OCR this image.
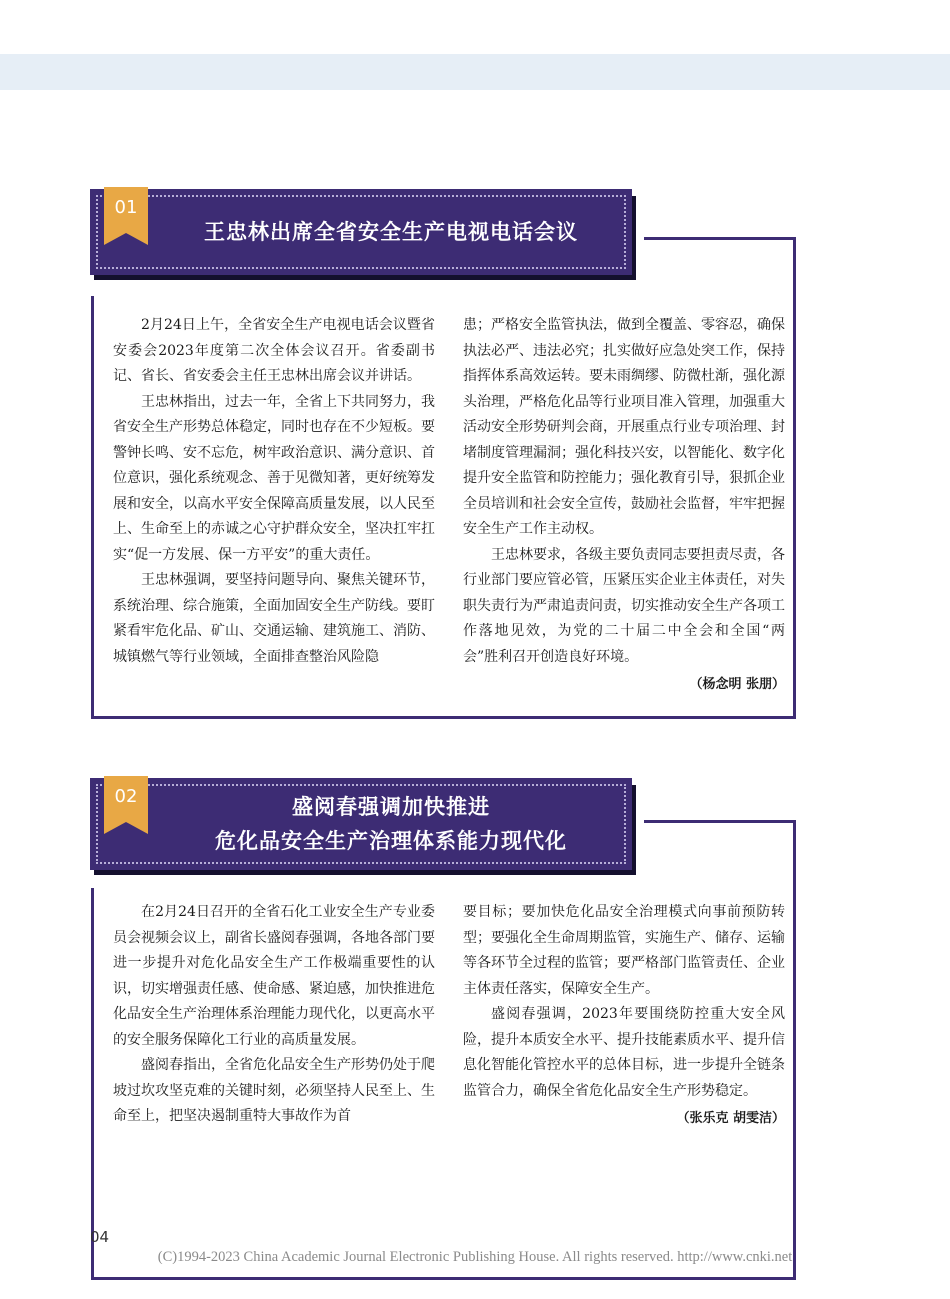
01
王忠林出席全省安全生产电视电话会议

2月24日上午，全省安全生产电视电话会议暨省安委会2023年度第二次全体会议召开。省委副书记、省长、省安委会主任王忠林出席会议并讲话。

王忠林指出，过去一年，全省上下共同努力，我省安全生产形势总体稳定，同时也存在不少短板。要警钟长鸣、安不忘危，树牢政治意识、满分意识、首位意识，强化系统观念、善于见微知著，更好统筹发展和安全，以高水平安全保障高质量发展，以人民至上、生命至上的赤诚之心守护群众安全，坚决扛牢扛实“促一方发展、保一方平安”的重大责任。

王忠林强调，要坚持问题导向、聚焦关键环节，系统治理、综合施策，全面加固安全生产防线。要盯紧看牢危化品、矿山、交通运输、建筑施工、消防、城镇燃气等行业领域，全面排查整治风险隐

患；严格安全监管执法，做到全覆盖、零容忍，确保执法必严、违法必究；扎实做好应急处突工作，保持指挥体系高效运转。要未雨绸缪、防微杜渐，强化源头治理，严格危化品等行业项目准入管理，加强重大活动安全形势研判会商，开展重点行业专项治理、封堵制度管理漏洞；强化科技兴安，以智能化、数字化提升安全监管和防控能力；强化教育引导，狠抓企业全员培训和社会安全宣传，鼓励社会监督，牢牢把握安全生产工作主动权。

王忠林要求，各级主要负责同志要担责尽责，各行业部门要应管必管，压紧压实企业主体责任，对失职失责行为严肃追责问责，切实推动安全生产各项工作落地见效，为党的二十届二中全会和全国“两会”胜利召开创造良好环境。

（杨念明 张朋）
02	盛阅春强调加快推进
危化品安全生产治理体系能力现代化

在2月24日召开的全省石化工业安全生产专业委员会视频会议上，副省长盛阅春强调，各地各部门要进一步提升对危化品安全生产工作极端重要性的认识，切实增强责任感、使命感、紧迫感，加快推进危化品安全生产治理体系治理能力现代化，以更高水平的安全服务保障化工行业的高质量发展。

盛阅春指出，全省危化品安全生产形势仍处于爬坡过坎攻坚克难的关键时刻，必须坚持人民至上、生命至上，把坚决遏制重特大事故作为首

要目标；要加快危化品安全治理模式向事前预防转型；要强化全生命周期监管，实施生产、储存、运输等各环节全过程的监管；要严格部门监管责任、企业主体责任落实，保障安全生产。

盛阅春强调，2023年要围绕防控重大安全风险，提升本质安全水平、提升技能素质水平、提升信息化智能化管控水平的总体目标，进一步提升全链条监管合力，确保全省危化品安全生产形势稳定。

（张乐克 胡雯洁）
04
(C)1994-2023 China Academic Journal Electronic Publishing House. All rights reserved. http://www.cnki.net
